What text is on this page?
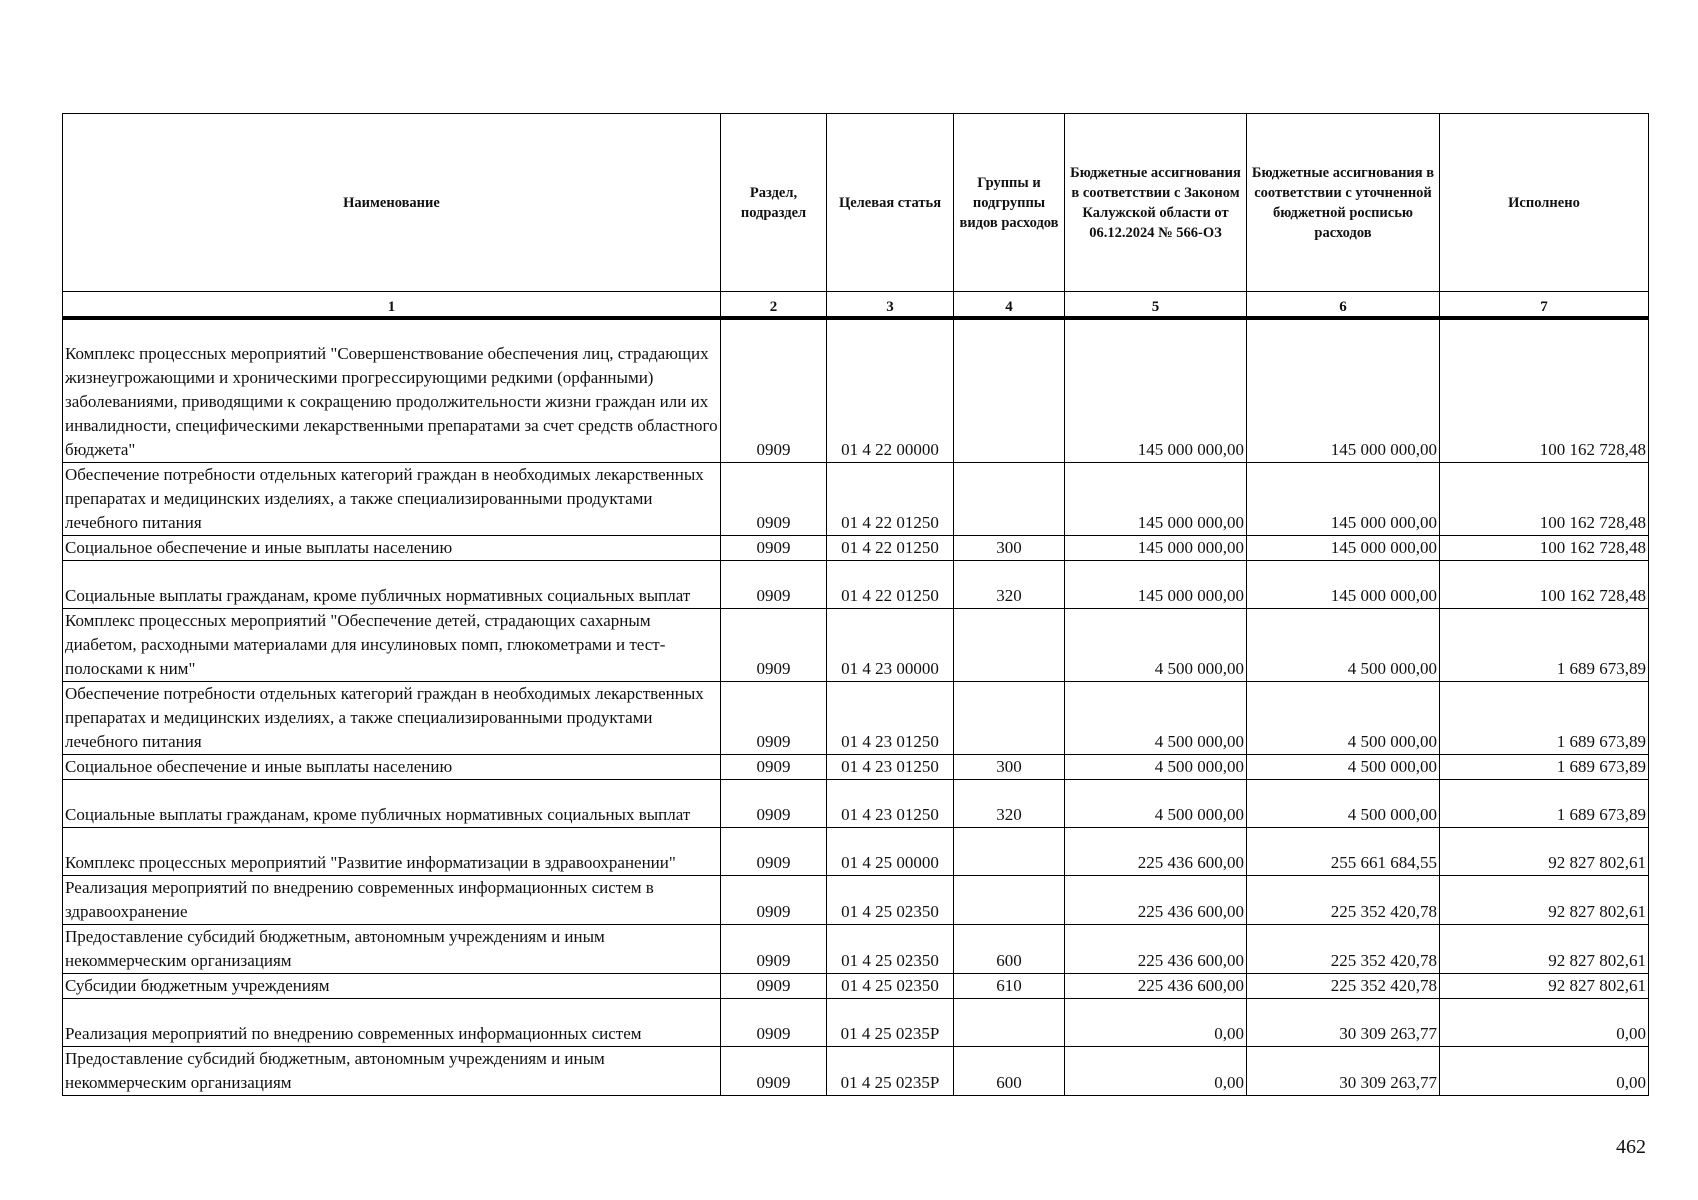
Наименование	Раздел, подраздел	Целевая статья	Группы и подгруппы видов расходов	Бюджетные ассигнования в соответствии с Законом Калужской области от 06.12.2024 № 566-ОЗ	Бюджетные ассигнования в соответствии с уточненной бюджетной росписью расходов	Исполнено
1	2	3	4	5	6	7
Комплекс процессных мероприятий "Совершенствование обеспечения лиц, страдающих жизнеугрожающими и хроническими прогрессирующими редкими (орфанными) заболеваниями, приводящими к сокращению продолжительности жизни граждан или их инвалидности, специфическими лекарственными препаратами за счет средств областного бюджета"	0909	01 4 22 00000		145 000 000,00	145 000 000,00	100 162 728,48
Обеспечение потребности отдельных категорий граждан в необходимых лекарственных препаратах и медицинских изделиях, а также специализированными продуктами лечебного питания	0909	01 4 22 01250		145 000 000,00	145 000 000,00	100 162 728,48
Социальное обеспечение и иные выплаты населению	0909	01 4 22 01250	300	145 000 000,00	145 000 000,00	100 162 728,48
Социальные выплаты гражданам, кроме публичных нормативных социальных выплат	0909	01 4 22 01250	320	145 000 000,00	145 000 000,00	100 162 728,48
Комплекс процессных мероприятий "Обеспечение детей, страдающих сахарным диабетом, расходными материалами для инсулиновых помп, глюкометрами и тест-полосками к ним"	0909	01 4 23 00000		4 500 000,00	4 500 000,00	1 689 673,89
Обеспечение потребности отдельных категорий граждан в необходимых лекарственных препаратах и медицинских изделиях, а также специализированными продуктами лечебного питания	0909	01 4 23 01250		4 500 000,00	4 500 000,00	1 689 673,89
Социальное обеспечение и иные выплаты населению	0909	01 4 23 01250	300	4 500 000,00	4 500 000,00	1 689 673,89
Социальные выплаты гражданам, кроме публичных нормативных социальных выплат	0909	01 4 23 01250	320	4 500 000,00	4 500 000,00	1 689 673,89
Комплекс процессных мероприятий "Развитие информатизации в здравоохранении"	0909	01 4 25 00000		225 436 600,00	255 661 684,55	92 827 802,61
Реализация мероприятий по внедрению современных информационных систем в здравоохранение	0909	01 4 25 02350		225 436 600,00	225 352 420,78	92 827 802,61
Предоставление субсидий бюджетным, автономным учреждениям и иным некоммерческим организациям	0909	01 4 25 02350	600	225 436 600,00	225 352 420,78	92 827 802,61
Субсидии бюджетным учреждениям	0909	01 4 25 02350	610	225 436 600,00	225 352 420,78	92 827 802,61
Реализация мероприятий по внедрению современных информационных систем	0909	01 4 25 0235P		0,00	30 309 263,77	0,00
Предоставление субсидий бюджетным, автономным учреждениям и иным некоммерческим организациям	0909	01 4 25 0235P	600	0,00	30 309 263,77	0,00
462
